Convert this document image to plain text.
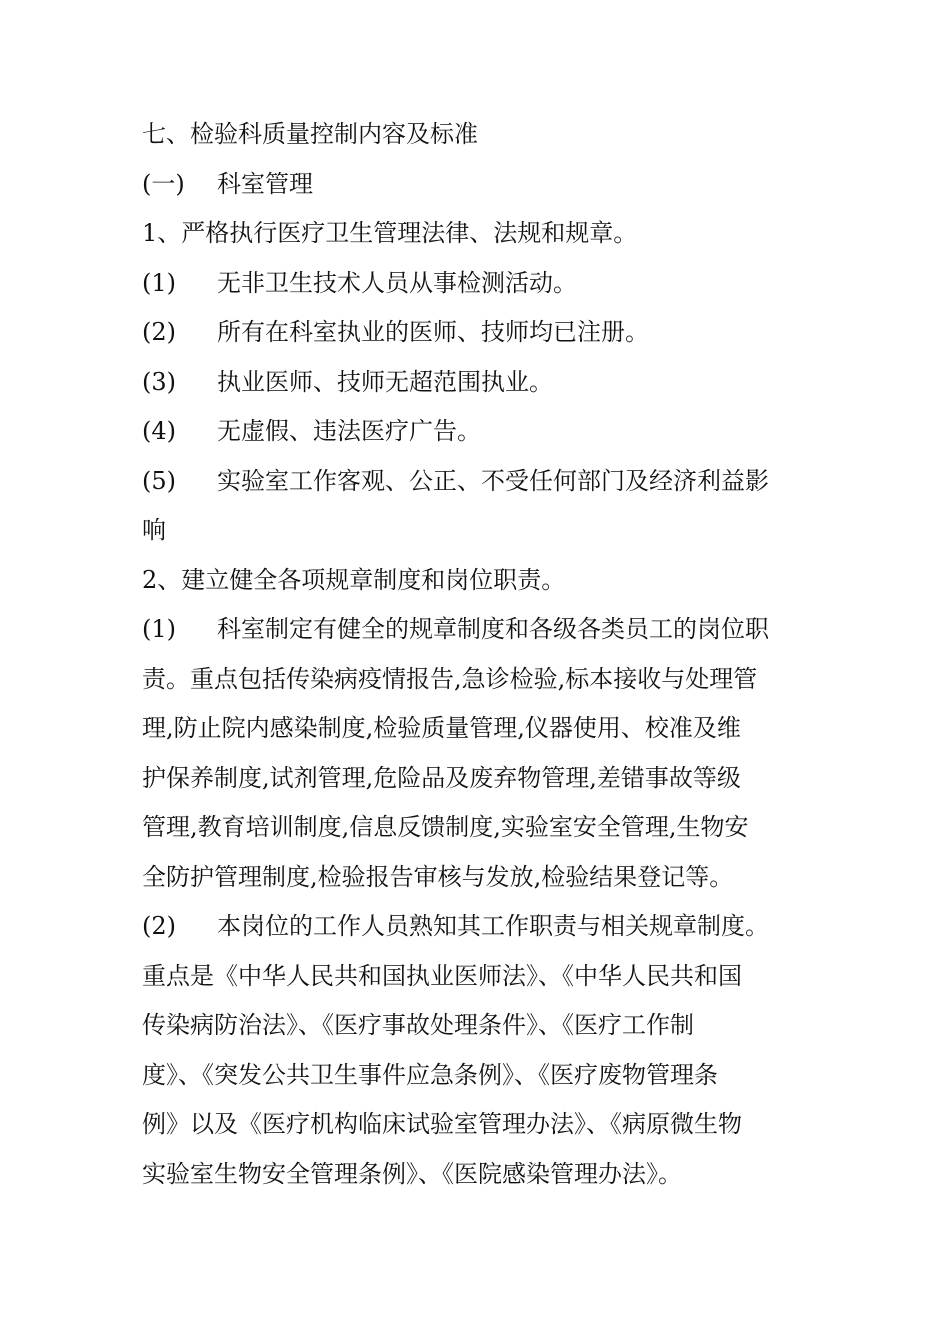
七、检验科质量控制内容及标准
(一) 科室管理
1、严格执行医疗卫生管理法律、法规和规章。
(1) 无非卫生技术人员从事检测活动。
(2) 所有在科室执业的医师、技师均已注册。
(3) 执业医师、技师无超范围执业。
(4) 无虚假、违法医疗广告。
(5) 实验室工作客观、公正、不受任何部门及经济利益影
响
2、建立健全各项规章制度和岗位职责。
(1) 科室制定有健全的规章制度和各级各类员工的岗位职
责。重点包括传染病疫情报告,急诊检验,标本接收与处理管
理,防止院内感染制度,检验质量管理,仪器使用、校准及维
护保养制度,试剂管理,危险品及废弃物管理,差错事故等级
管理,教育培训制度,信息反馈制度,实验室安全管理,生物安
全防护管理制度,检验报告审核与发放,检验结果登记等。
(2) 本岗位的工作人员熟知其工作职责与相关规章制度。
重点是《中华人民共和国执业医师法》、《中华人民共和国
传染病防治法》、《医疗事故处理条件》、《医疗工作制
度》、《突发公共卫生事件应急条例》、《医疗废物管理条
例》以及《医疗机构临床试验室管理办法》、《病原微生物
实验室生物安全管理条例》、《医院感染管理办法》。
